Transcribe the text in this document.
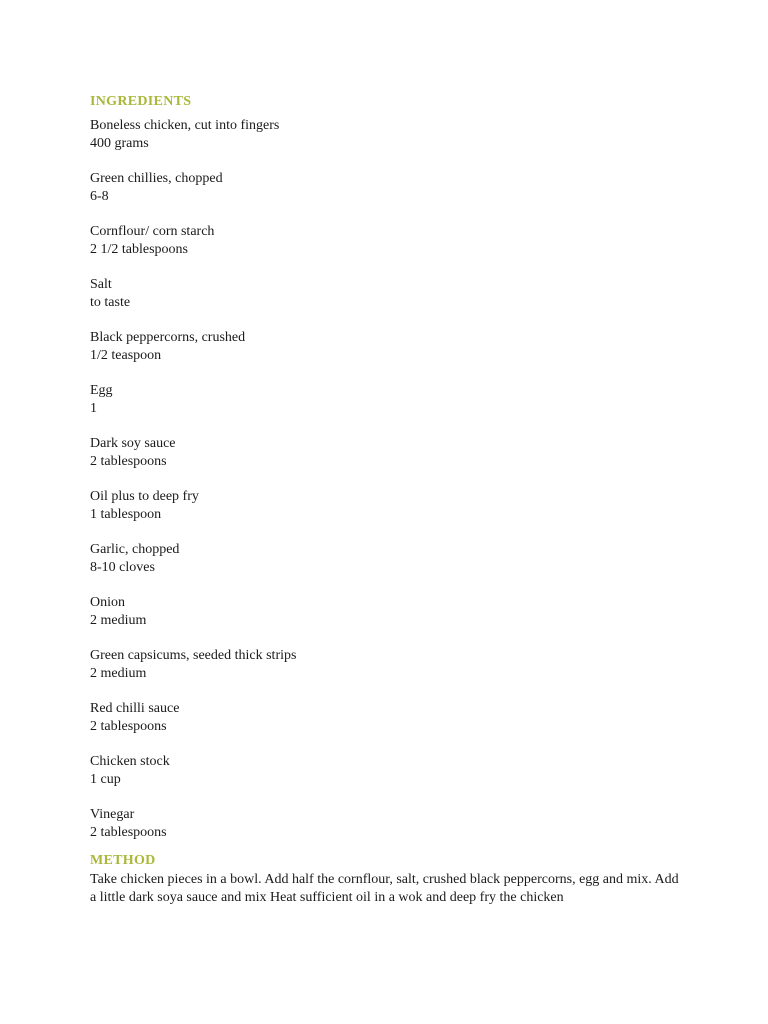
INGREDIENTS
Boneless chicken, cut into fingers
400 grams
Green chillies, chopped
6-8
Cornflour/ corn starch
2 1/2 tablespoons
Salt
to taste
Black peppercorns, crushed
1/2 teaspoon
Egg
1
Dark soy sauce
2 tablespoons
Oil plus to deep fry
1 tablespoon
Garlic, chopped
8-10 cloves
Onion
2 medium
Green capsicums, seeded thick strips
2 medium
Red chilli sauce
2 tablespoons
Chicken stock
1 cup
Vinegar
2 tablespoons
METHOD

Take chicken pieces in a bowl. Add half the cornflour, salt, crushed black peppercorns, egg and mix. Add a little dark soya sauce and mix Heat sufficient oil in a wok and deep fry the chicken
